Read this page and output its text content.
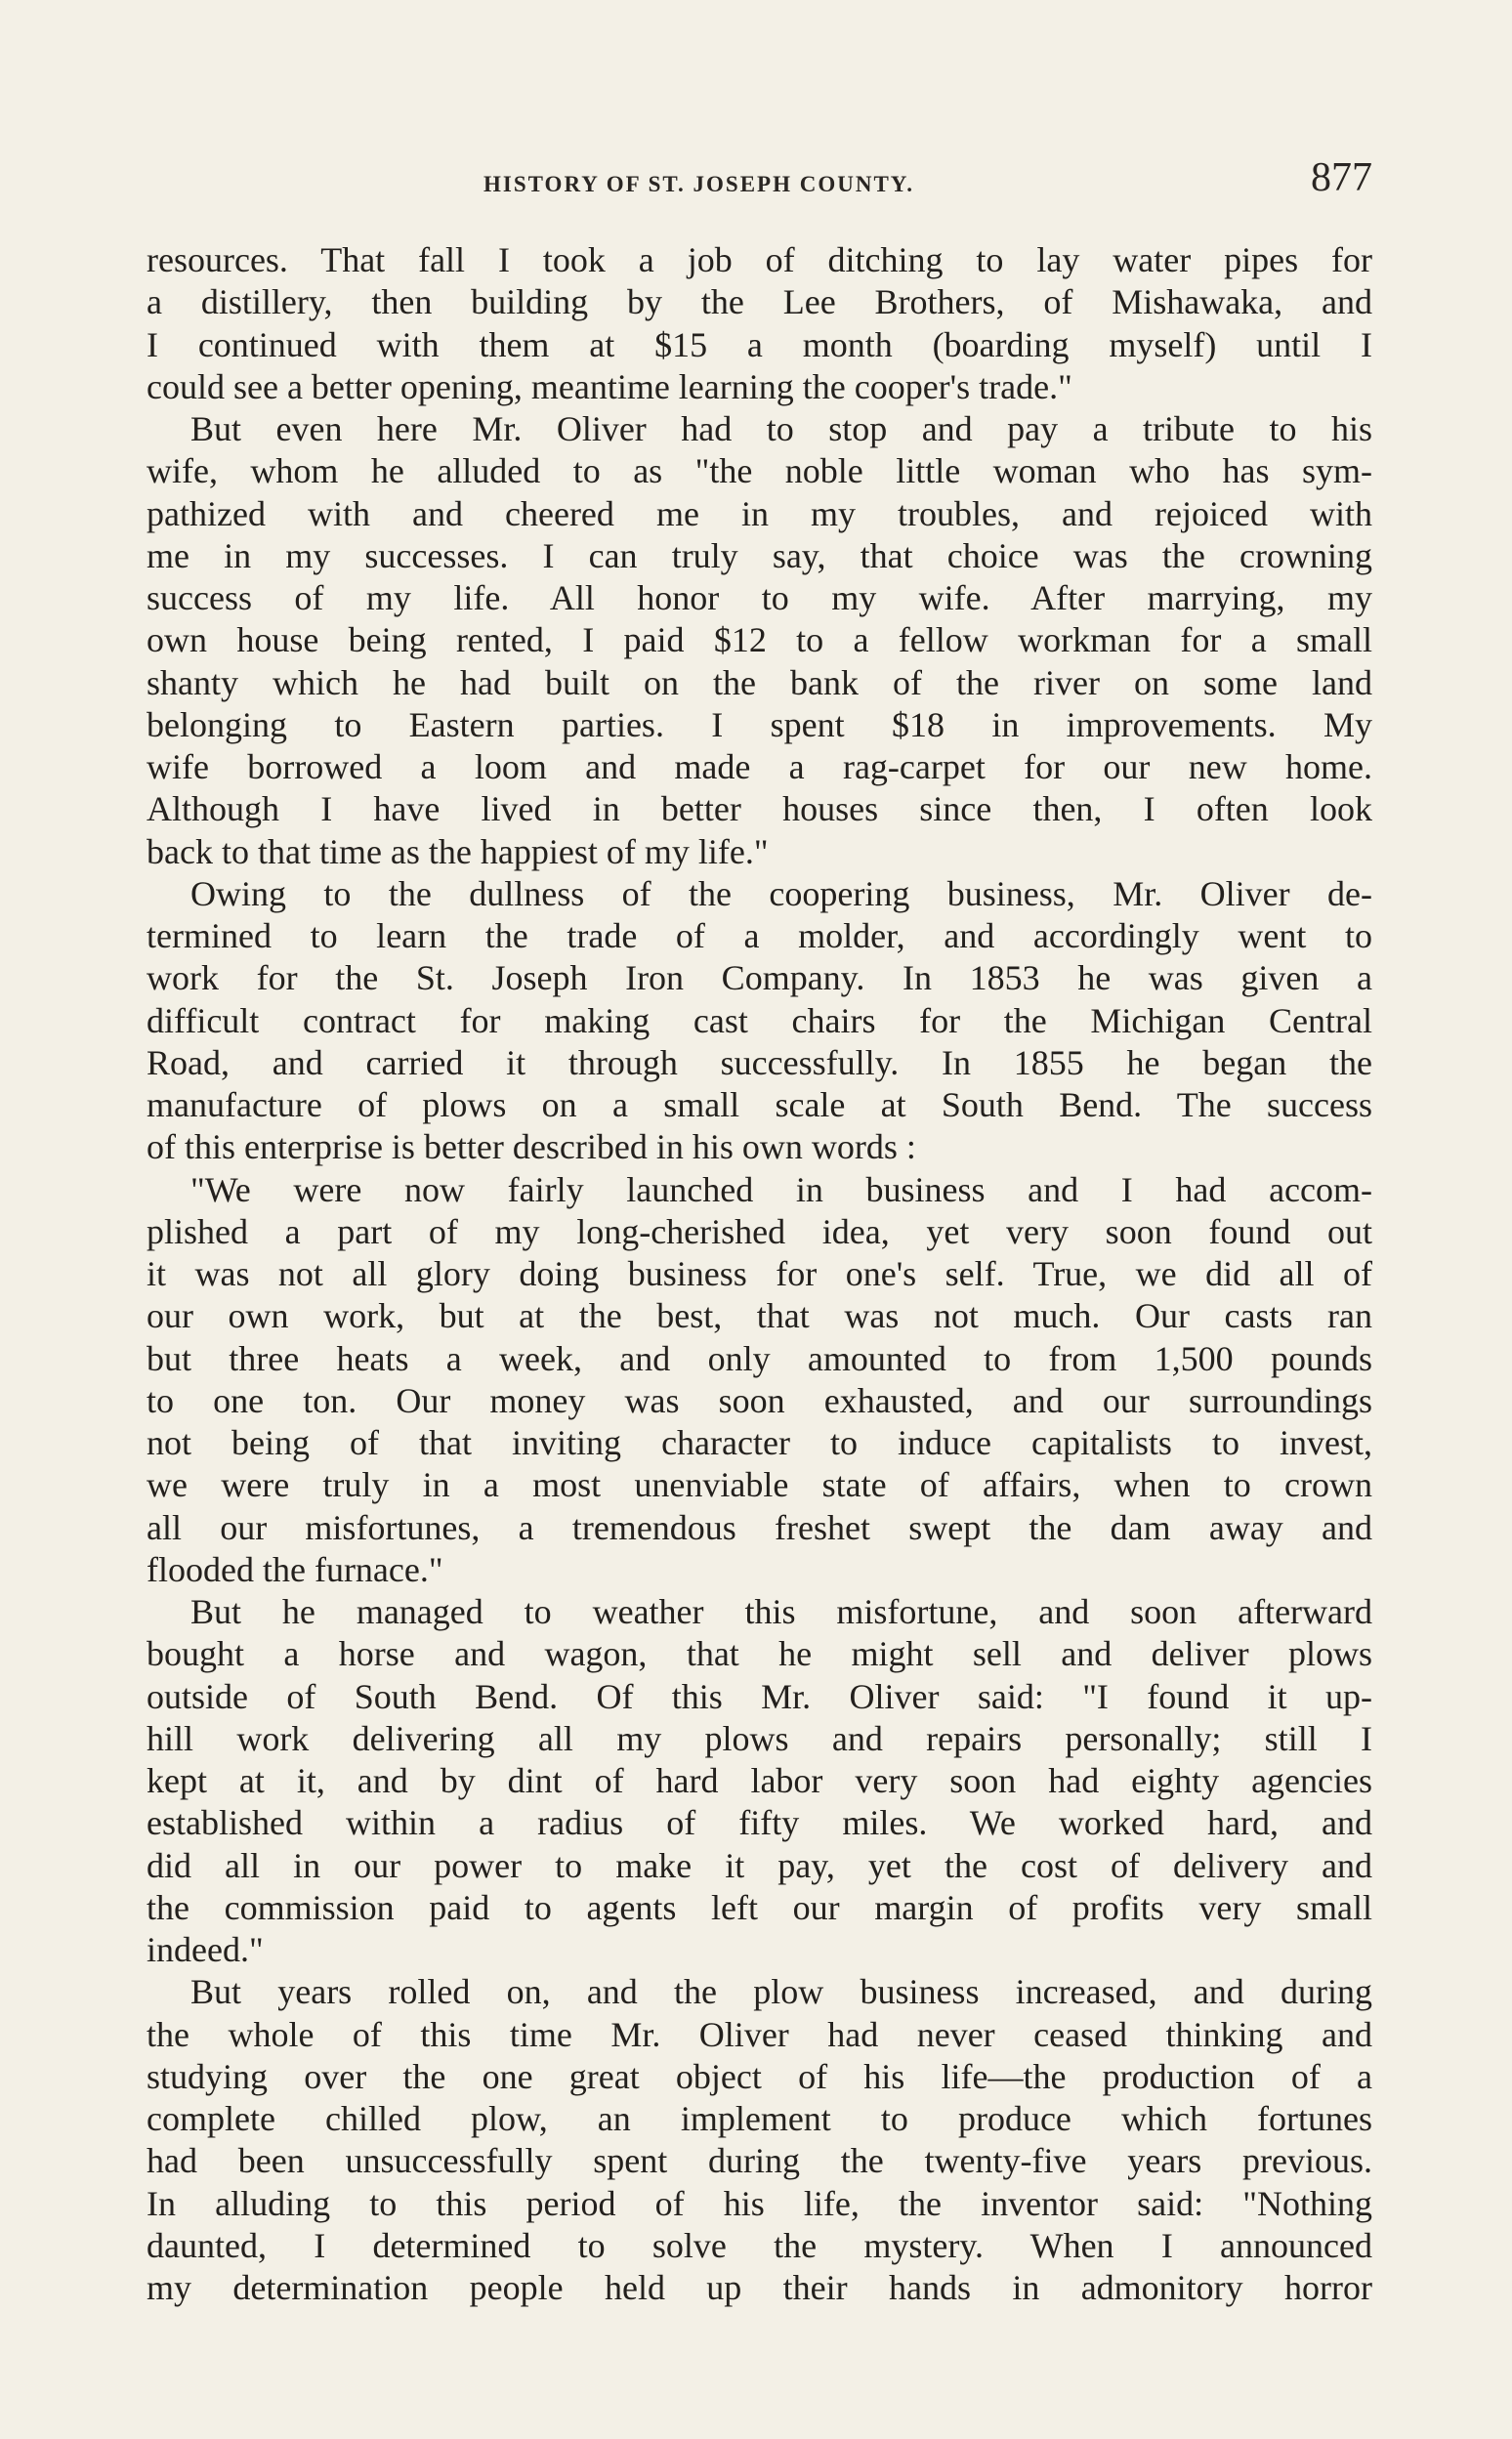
HISTORY OF ST. JOSEPH COUNTY.	877
resources. That fall I took a job of ditching to lay water pipes for
a distillery, then building by the Lee Brothers, of Mishawaka, and
I continued with them at $15 a month (boarding myself) until I
could see a better opening, meantime learning the cooper's trade."
But even here Mr. Oliver had to stop and pay a tribute to his
wife, whom he alluded to as "the noble little woman who has sym-
pathized with and cheered me in my troubles, and rejoiced with
me in my successes. I can truly say, that choice was the crowning
success of my life. All honor to my wife. After marrying, my
own house being rented, I paid $12 to a fellow workman for a small
shanty which he had built on the bank of the river on some land
belonging to Eastern parties. I spent $18 in improvements. My
wife borrowed a loom and made a rag-carpet for our new home.
Although I have lived in better houses since then, I often look
back to that time as the happiest of my life."
Owing to the dullness of the coopering business, Mr. Oliver de-
termined to learn the trade of a molder, and accordingly went to
work for the St. Joseph Iron Company. In 1853 he was given a
difficult contract for making cast chairs for the Michigan Central
Road, and carried it through successfully. In 1855 he began the
manufacture of plows on a small scale at South Bend. The success
of this enterprise is better described in his own words :
"We were now fairly launched in business and I had accom-
plished a part of my long-cherished idea, yet very soon found out
it was not all glory doing business for one's self. True, we did all of
our own work, but at the best, that was not much. Our casts ran
but three heats a week, and only amounted to from 1,500 pounds
to one ton. Our money was soon exhausted, and our surroundings
not being of that inviting character to induce capitalists to invest,
we were truly in a most unenviable state of affairs, when to crown
all our misfortunes, a tremendous freshet swept the dam away and
flooded the furnace."
But he managed to weather this misfortune, and soon afterward
bought a horse and wagon, that he might sell and deliver plows
outside of South Bend. Of this Mr. Oliver said: "I found it up-
hill work delivering all my plows and repairs personally; still I
kept at it, and by dint of hard labor very soon had eighty agencies
established within a radius of fifty miles. We worked hard, and
did all in our power to make it pay, yet the cost of delivery and
the commission paid to agents left our margin of profits very small
indeed."
But years rolled on, and the plow business increased, and during
the whole of this time Mr. Oliver had never ceased thinking and
studying over the one great object of his life—the production of a
complete chilled plow, an implement to produce which fortunes
had been unsuccessfully spent during the twenty-five years previous.
In alluding to this period of his life, the inventor said: "Nothing
daunted, I determined to solve the mystery. When I announced
my determination people held up their hands in admonitory horror
